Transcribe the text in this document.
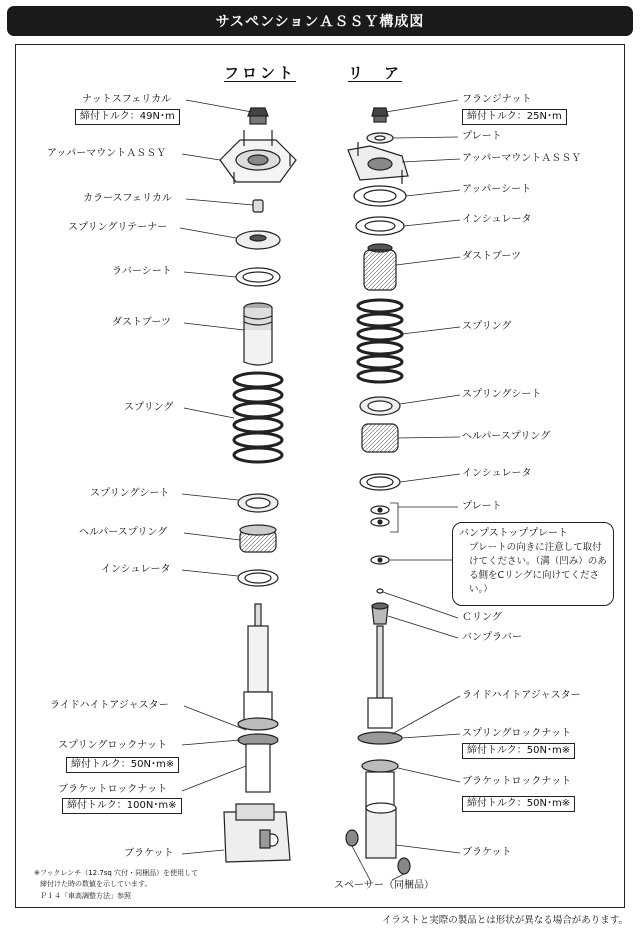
サスペンションＡＳＳＹ構成図
フロント	リ　ア
ナットスフェリカル
締付トルク：49N･m
アッパーマウントＡＳＳＹ
カラースフェリカル
スプリングリテーナー
ラバーシート
ダストブーツ
スプリング
スプリングシート
ヘルパースプリング
インシュレータ
ライドハイトアジャスター
スプリングロックナット
締付トルク：50N･m※
ブラケットロックナット
締付トルク：100N･m※
ブラケット
フランジナット
締付トルク：25N･m
プレート
アッパーマウントＡＳＳＹ
アッパーシート
インシュレータ
ダストブーツ
スプリング
スプリングシート
ヘルパースプリング
インシュレータ
プレート
Ｃリング
バンプラバー
ライドハイトアジャスター
スプリングロックナット
締付トルク：50N･m※
ブラケットロックナット
締付トルク：50N･m※
ブラケット
スペーサー（同梱品）
バンプストッププレート
プレートの向きに注意して取付けてください。（溝（凹み）のある側をCリングに向けてください。）
※フックレンチ（12.7sq 穴付・同梱品）を使用して
締付けた時の数値を示しています。
Ｐ１４「車高調整方法」参照
イラストと実際の製品とは形状が異なる場合があります。
